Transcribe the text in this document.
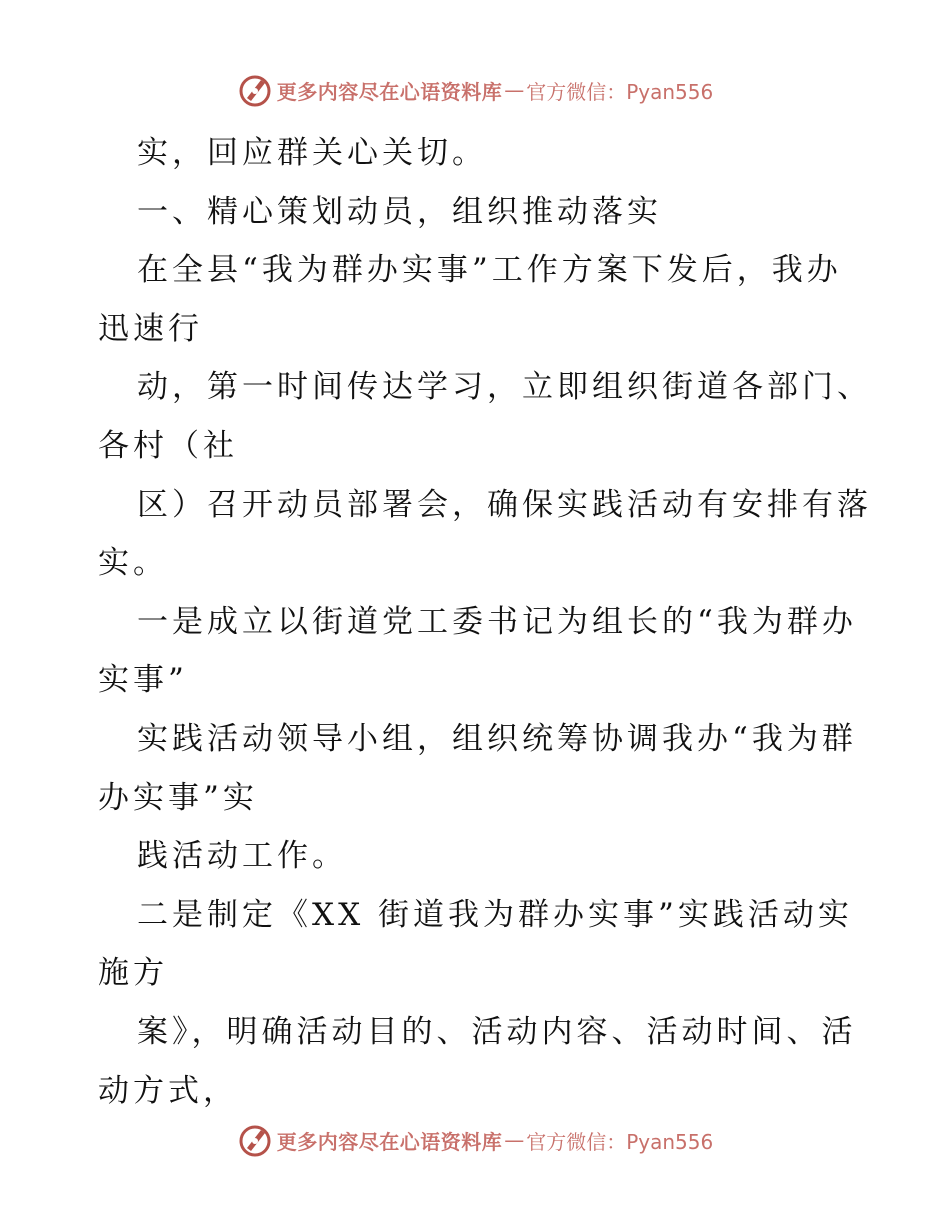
更多内容尽在心语资料库 — 官方微信：Pyan556
实，回应群关心关切。
一、精心策划动员，组织推动落实
在全县“我为群办实事”工作方案下发后，我办
迅速行
动，第一时间传达学习，立即组织街道各部门、
各村（社
区）召开动员部署会，确保实践活动有安排有落
实。
一是成立以街道党工委书记为组长的“我为群办
实事”
实践活动领导小组，组织统筹协调我办“我为群
办实事”实
践活动工作。
二是制定《XX 街道我为群办实事”实践活动实
施方
案》，明确活动目的、活动内容、活动时间、活
动方式，
更多内容尽在心语资料库 — 官方微信：Pyan556
